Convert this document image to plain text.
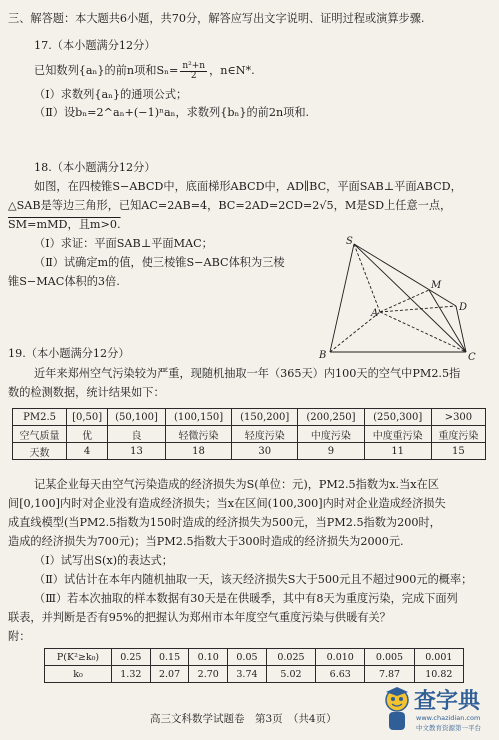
三、解答题：本大题共6小题，共70分，解答应写出文字说明、证明过程或演算步骤.
17.（本小题满分12分）
已知数列{aₙ}的前n项和$S_n= \frac{\text{n²+n}}{2}$ ，n∈N*.
（Ⅰ）求数列{aₙ}的通项公式；
（Ⅱ）设bₙ=2^aₙ+(−1)ⁿaₙ，求数列{bₙ}的前2n项和.
18.（本小题满分12分）
如图，在四棱锥S−ABCD中，底面梯形ABCD中，AD∥BC，平面SAB⊥平面ABCD，
△SAB是等边三角形，已知AC=2AB=4，BC=2AD=2CD=2√5，M是SD上任意一点，
SM=mMD，且m>0.
（Ⅰ）求证：平面SAB⊥平面MAC；
（Ⅱ）试确定m的值，使三棱锥S−ABC体积为三棱
锥S−MAC体积的3倍.
S
M
A
D
B	C
19.（本小题满分12分）
近年来郑州空气污染较为严重，现随机抽取一年（365天）内100天的空气中PM2.5指
数的检测数据，统计结果如下：
PM2.5	[0,50]	(50,100]	(100,150]	(150,200]	(200,250]	(250,300]	>300
空气质量	优	良	轻微污染	轻度污染	中度污染	中度重污染	重度污染
天数	4	13	18	30	9	11	15
记某企业每天由空气污染造成的经济损失为S(单位：元)，PM2.5指数为x.当x在区
间[0,100]内时对企业没有造成经济损失；当x在区间(100,300]内时对企业造成经济损失
成直线模型(当PM2.5指数为150时造成的经济损失为500元，当PM2.5指数为200时，
造成的经济损失为700元)；当PM2.5指数大于300时造成的经济损失为2000元.
（Ⅰ）试写出S(x)的表达式；
（Ⅱ）试估计在本年内随机抽取一天，该天经济损失S大于500元且不超过900元的概率；
（Ⅲ）若本次抽取的样本数据有30天是在供暖季，其中有8天为重度污染，完成下面列
联表，并判断是否有95%的把握认为郑州市本年度空气重度污染与供暖有关？
附：
P(K²≥k₀)	0.25	0.15	0.10	0.05	0.025	0.010	0.005	0.001
k₀	1.32	2.07	2.70	3.74	5.02	6.63	7.87	10.82
高三文科数学试题卷　第3页　（共4页）
查字典
www.chazidian.com
中文教育资源第一平台
